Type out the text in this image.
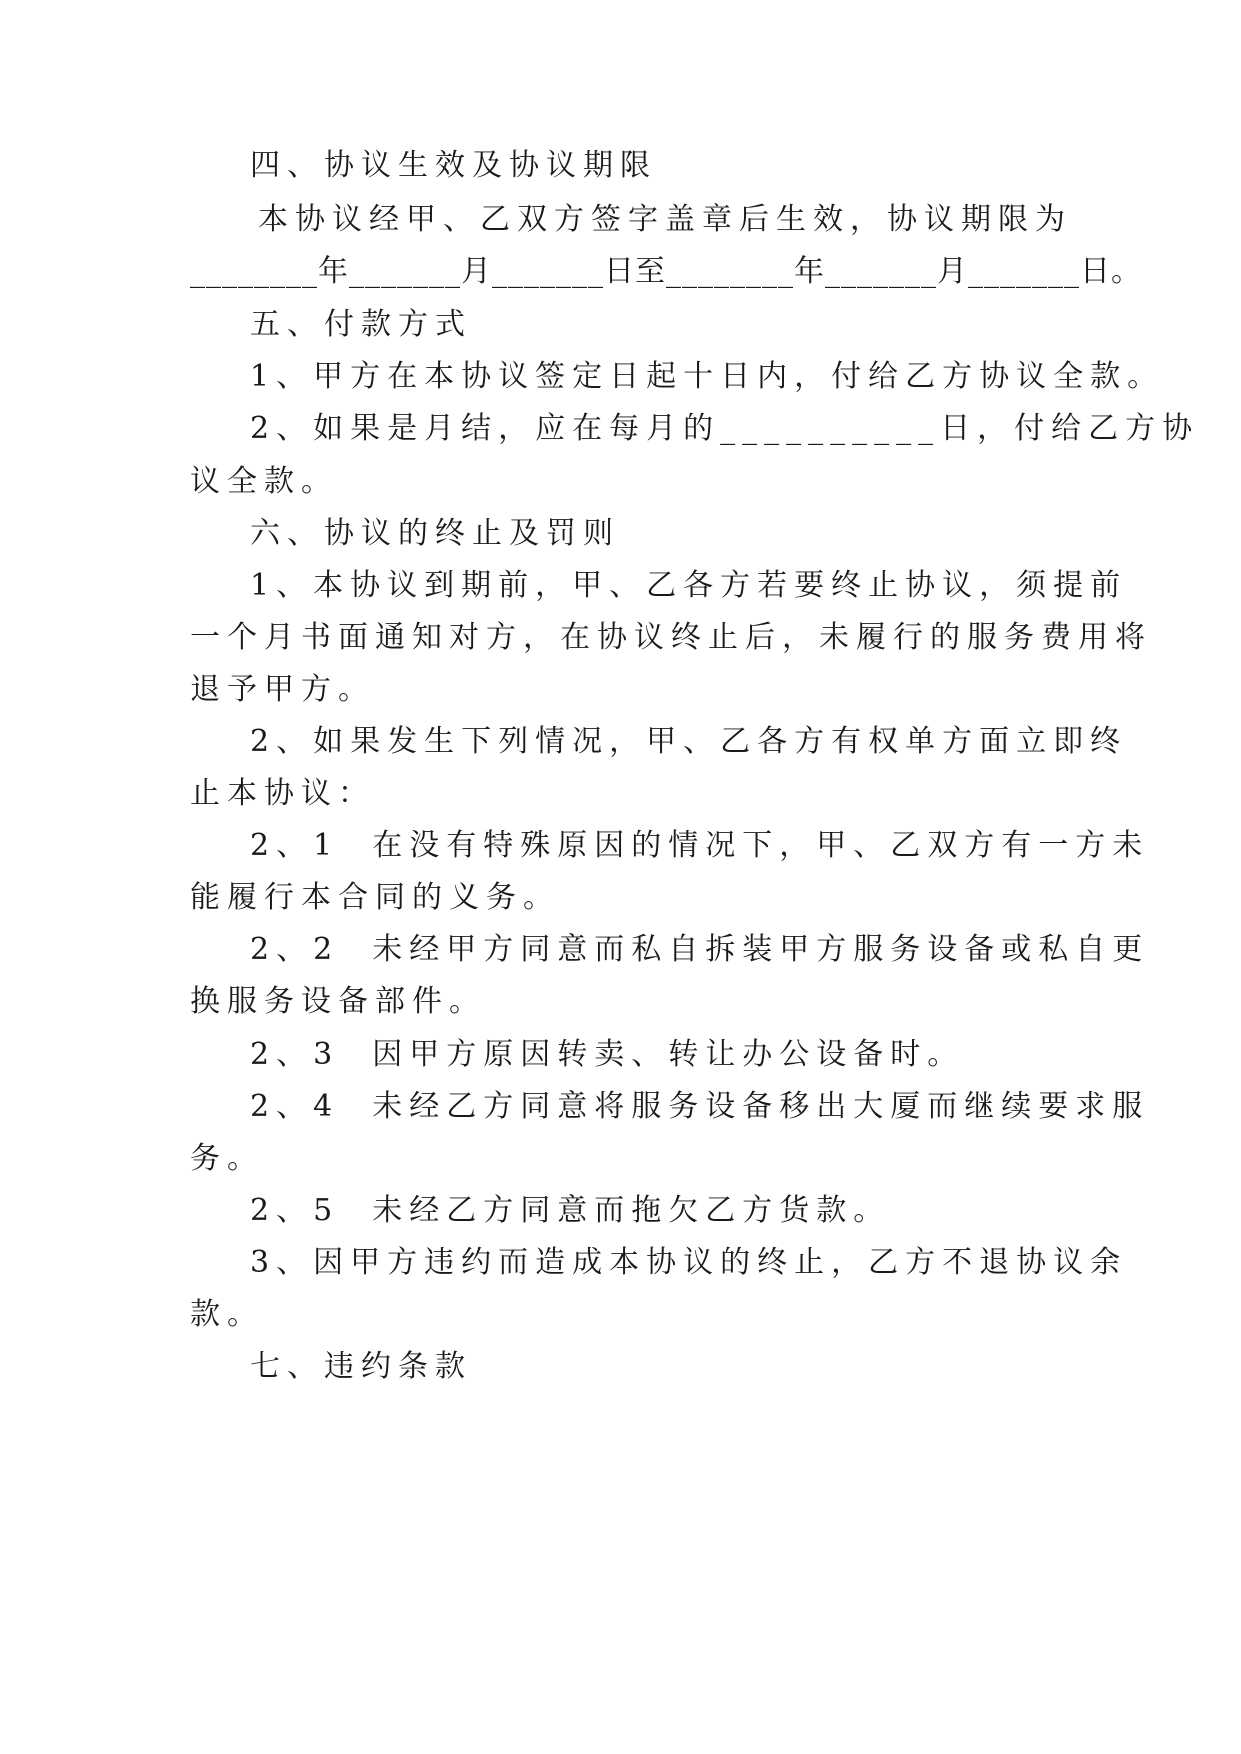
四、协议生效及协议期限
本协议经甲、乙双方签字盖章后生效，协议期限为
________年_______月_______日至________年_______月_______日。
五、付款方式
1、甲方在本协议签定日起十日内，付给乙方协议全款。
2、如果是月结，应在每月的__________日，付给乙方协
议全款。
六、协议的终止及罚则
1、本协议到期前，甲、乙各方若要终止协议，须提前
一个月书面通知对方，在协议终止后，未履行的服务费用将
退予甲方。
2、如果发生下列情况，甲、乙各方有权单方面立即终
止本协议：
2、1  在没有特殊原因的情况下，甲、乙双方有一方未
能履行本合同的义务。
2、2  未经甲方同意而私自拆装甲方服务设备或私自更
换服务设备部件。
2、3  因甲方原因转卖、转让办公设备时。
2、4  未经乙方同意将服务设备移出大厦而继续要求服
务。
2、5  未经乙方同意而拖欠乙方货款。
3、因甲方违约而造成本协议的终止，乙方不退协议余
款。
七、违约条款
